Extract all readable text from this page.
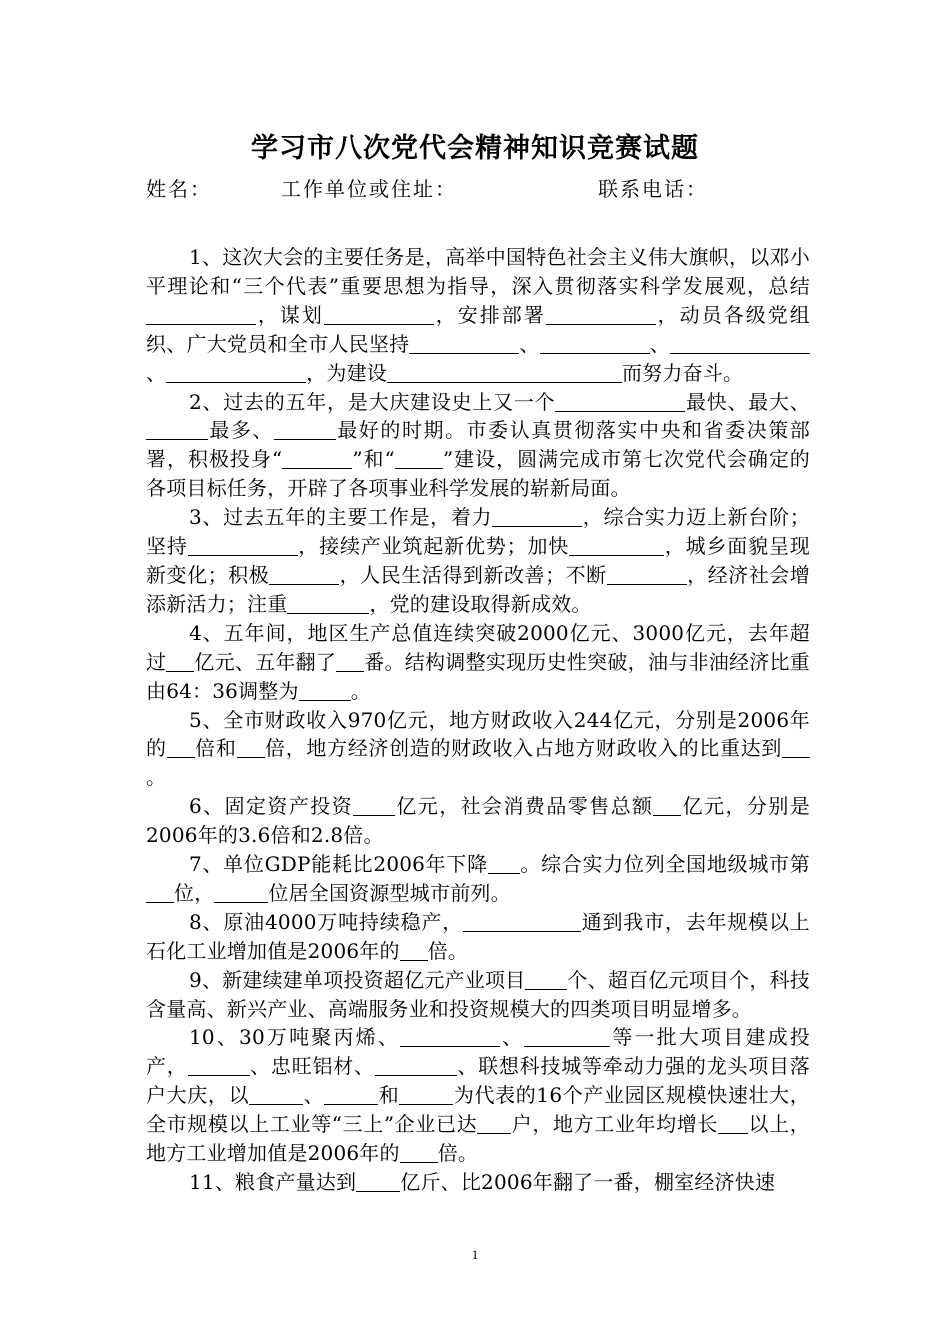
学习市八次党代会精神知识竞赛试题
姓名：	工作单位或住址：	联系电话：

1、这次大会的主要任务是，高举中国特色社会主义伟大旗帜，以邓小平理论和“三个代表”重要思想为指导，深入贯彻落实科学发展观，总结，谋划	，安排部署	，动员各级党组织、广大党员和全市人民坚持	、	、、	，为建设	而努力奋斗。

2、过去的五年，是大庆建设史上又一个	最快、最大、最多、	最好的时期。市委认真贯彻落实中央和省委决策部署，积极投身“	”和“ ”建设，圆满完成市第七次党代会确定的各项目标任务，开辟了各项事业科学发展的崭新局面。

3、过去五年的主要工作是，着力	，综合实力迈上新台阶；坚持	，接续产业筑起新优势；加快	，城乡面貌呈现新变化；积极	，人民生活得到新改善；不断	，经济社会增添新活力；注重	，党的建设取得新成效。

4、五年间，地区生产总值连续突破2000亿元、3000亿元，去年超过 亿元、五年翻了 番。结构调整实现历史性突破，油与非油经济比重由64：36调整为	。

5、全市财政收入970亿元，地方财政收入244亿元，分别是2006年的 倍和 倍，地方经济创造的财政收入占地方财政收入的比重达到。

6、固定资产投资 亿元，社会消费品零售总额 亿元，分别是2006年的3.6倍和2.8倍。

7、单位GDP能耗比2006年下降 。综合实力位列全国地级城市第位，	位居全国资源型城市前列。

8、原油4000万吨持续稳产，	通到我市，去年规模以上石化工业增加值是2006年的 倍。

9、新建续建单项投资超亿元产业项目 个、超百亿元项目个，科技含量高、新兴产业、高端服务业和投资规模大的四类项目明显增多。

10、30万吨聚丙烯、	、	等一批大项目建成投产，	、忠旺铝材、	、联想科技城等牵动力强的龙头项目落户大庆，以	、	和	为代表的16个产业园区规模快速壮大，全市规模以上工业等“三上”企业已达 户，地方工业年均增长 以上，地方工业增加值是2006年的 倍。

11、粮食产量达到 亿斤、比2006年翻了一番，棚室经济快速

1
